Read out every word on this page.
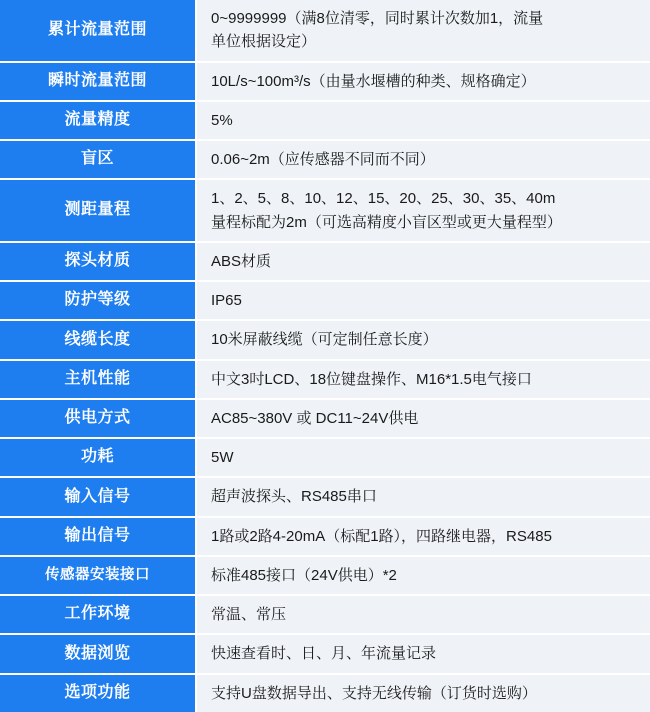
累计流量范围	0~9999999（满8位清零，同时累计次数加1，流量
单位根据设定）

瞬时流量范围	10L/s~100m³/s（由量水堰槽的种类、规格确定）

流量精度	5%

盲区	0.06~2m（应传感器不同而不同）

测距量程	1、2、5、8、10、12、15、20、25、30、35、40m
量程标配为2m（可选高精度小盲区型或更大量程型）

探头材质	ABS材质

防护等级	IP65

线缆长度	10米屏蔽线缆（可定制任意长度）

主机性能	中文3吋LCD、18位键盘操作、M16*1.5电气接口

供电方式	AC85~380V 或 DC11~24V供电

功耗	5W

输入信号	超声波探头、RS485串口

输出信号	1路或2路4-20mA（标配1路），四路继电器，RS485

传感器安装接口	标准485接口（24V供电）*2

工作环境	常温、常压

数据浏览	快速查看时、日、月、年流量记录

选项功能	支持U盘数据导出、支持无线传输（订货时选购）
